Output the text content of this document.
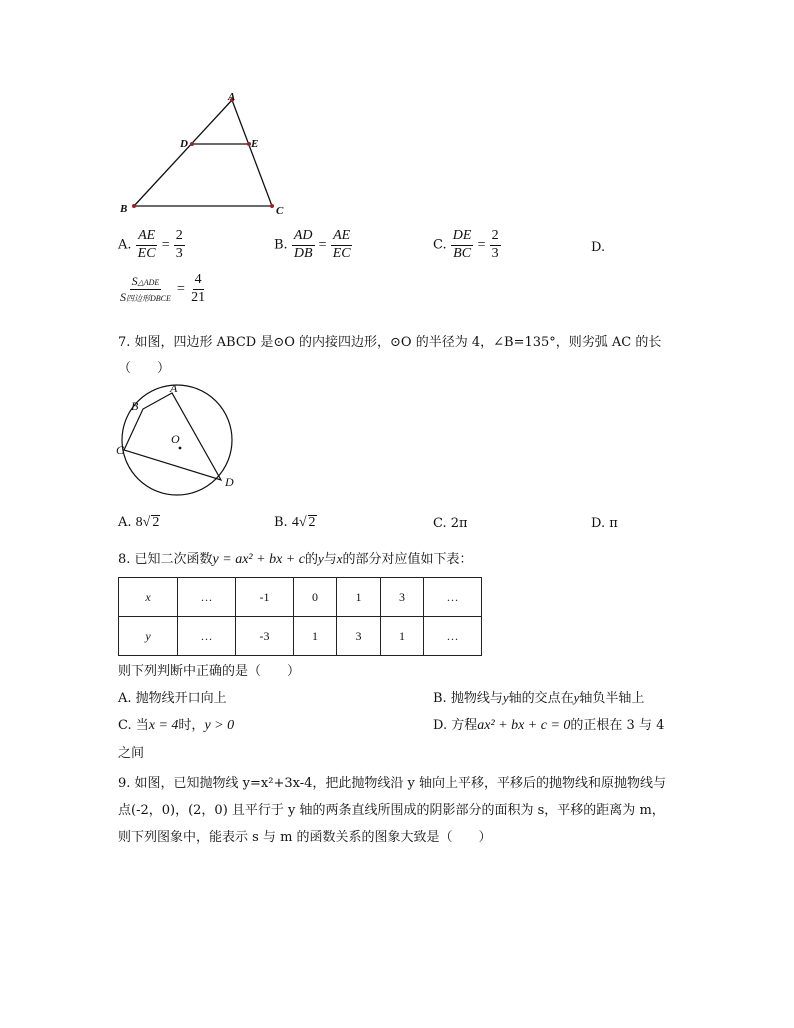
A
D	E
B	C
A. $\frac{AE}{EC} = \frac{2}{3}$	B. $\frac{AD}{DB} = \frac{AE}{EC}$	C. $\frac{DE}{BC} = \frac{2}{3}$	D.
$\frac{\text{S△ADE}}{\text{S四边形DBCE}} = \frac{4}{21}$
7. 如图，四边形 ABCD 是⊙O 的内接四边形，⊙O 的半径为 4，∠B=135°，则劣弧 AC 的长
（　　）
A
B
C
O
D
A. 8√ 2	B. 4√ 2	C. 2π	D. π
8. 已知二次函数y = ax² + bx + c的y与x的部分对应值如下表：
x	…	-1	0	1	3	…
y	…	-3	1	3	1	…
则下列判断中正确的是（　　）
A. 抛物线开口向上	B. 抛物线与y轴的交点在y轴负半轴上
C. 当x = 4时，y > 0	D. 方程ax² + bx + c = 0的正根在 3 与 4
之间
9. 如图，已知抛物线 y=x²+3x-4，把此抛物线沿 y 轴向上平移，平移后的抛物线和原抛物线与
点(-2，0)，(2，0) 且平行于 y 轴的两条直线所围成的阴影部分的面积为 s，平移的距离为 m，
则下列图象中，能表示 s 与 m 的函数关系的图象大致是（　　）
